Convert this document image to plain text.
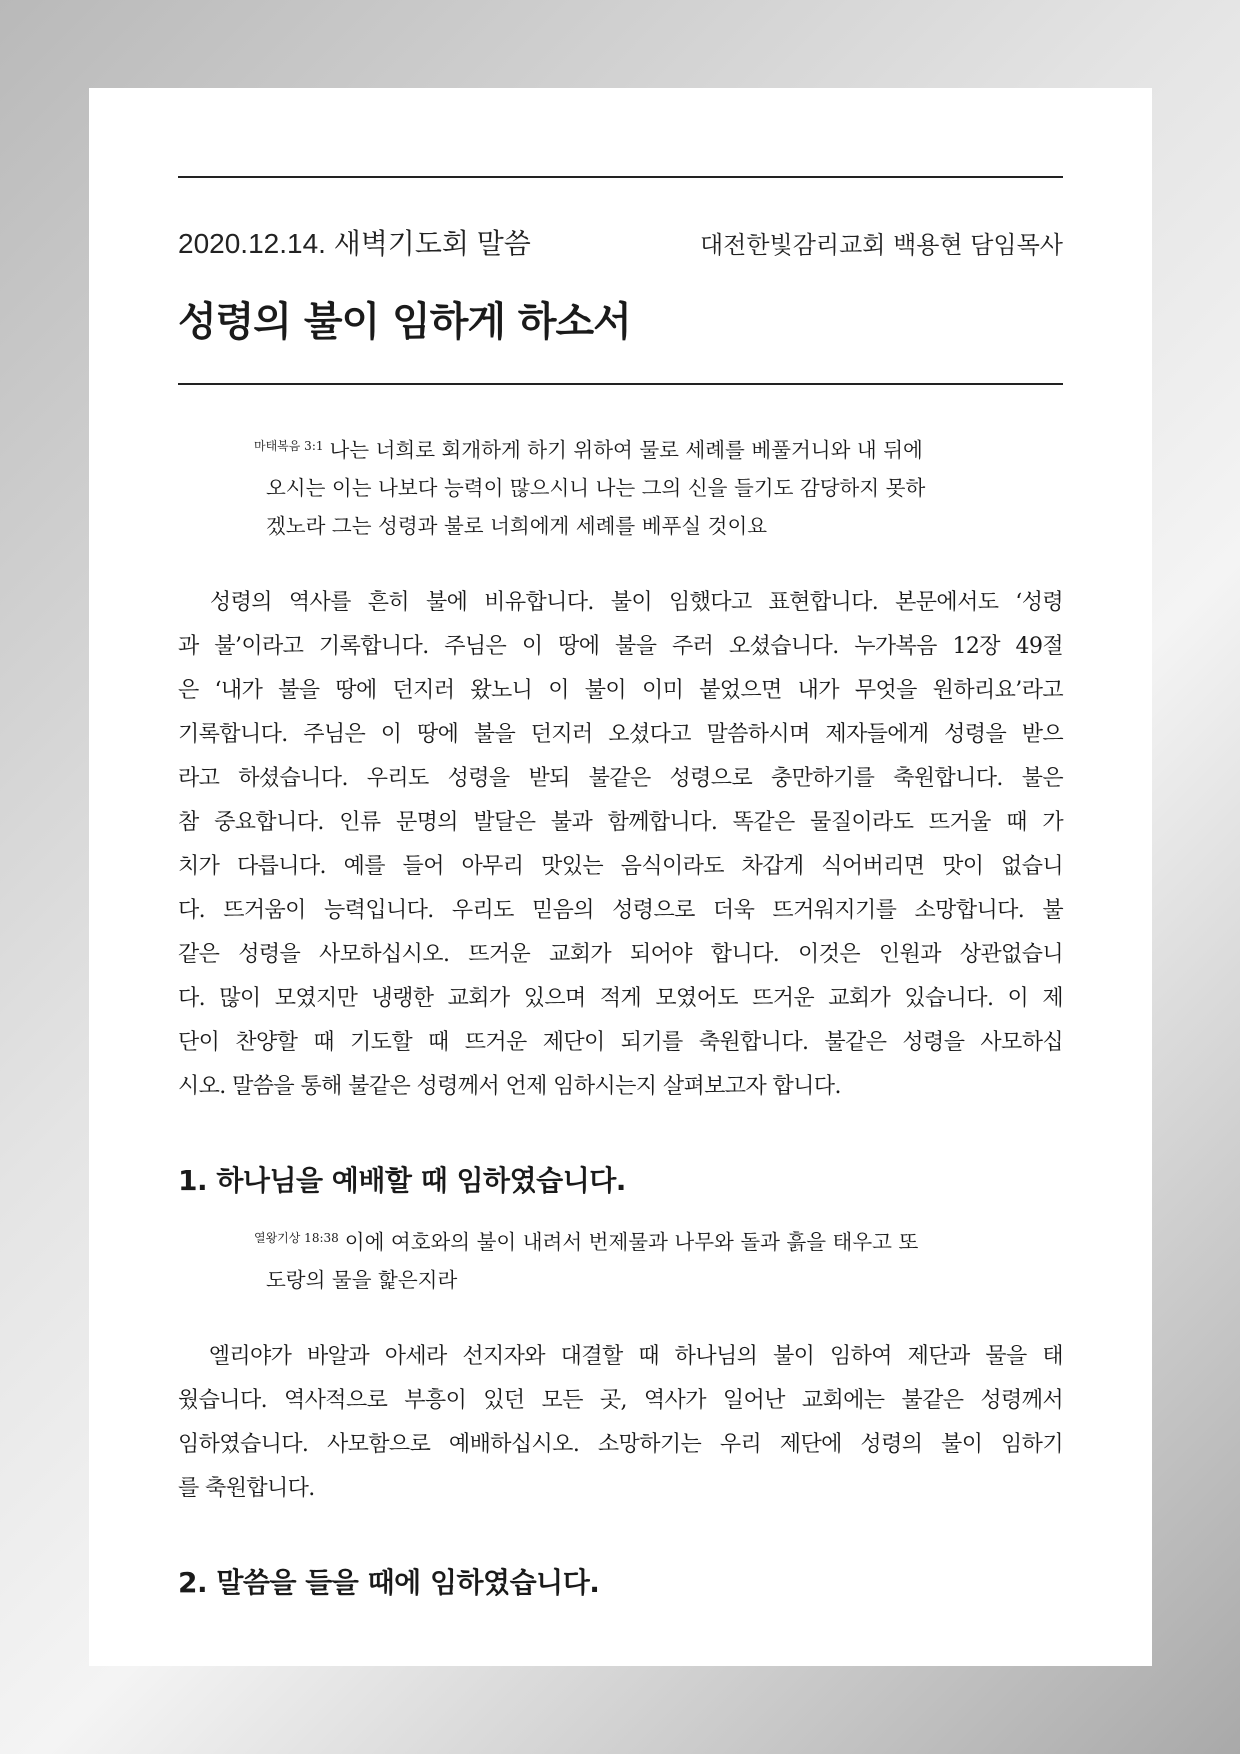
2020.12.14. 새벽기도회 말씀	대전한빛감리교회 백용현 담임목사
성령의 불이 임하게 하소서
$^{마태복음 3:1}$ 나는 너희로 회개하게 하기 위하여 물로 세례를 베풀거니와 내 뒤에
오시는 이는 나보다 능력이 많으시니 나는 그의 신을 들기도 감당하지 못하
겠노라 그는 성령과 불로 너희에게 세례를 베푸실 것이요
　성령의 역사를 흔히 불에 비유합니다. 불이 임했다고 표현합니다. 본문에서도 ‘성령
과 불’이라고 기록합니다. 주님은 이 땅에 불을 주러 오셨습니다. 누가복음 12장 49절
은 ‘내가 불을 땅에 던지러 왔노니 이 불이 이미 붙었으면 내가 무엇을 원하리요’라고
기록합니다. 주님은 이 땅에 불을 던지러 오셨다고 말씀하시며 제자들에게 성령을 받으
라고 하셨습니다. 우리도 성령을 받되 불같은 성령으로 충만하기를 축원합니다. 불은
참 중요합니다. 인류 문명의 발달은 불과 함께합니다. 똑같은 물질이라도 뜨거울 때 가
치가 다릅니다. 예를 들어 아무리 맛있는 음식이라도 차갑게 식어버리면 맛이 없습니
다. 뜨거움이 능력입니다. 우리도 믿음의 성령으로 더욱 뜨거워지기를 소망합니다. 불
같은 성령을 사모하십시오. 뜨거운 교회가 되어야 합니다. 이것은 인원과 상관없습니
다. 많이 모였지만 냉랭한 교회가 있으며 적게 모였어도 뜨거운 교회가 있습니다. 이 제
단이 찬양할 때 기도할 때 뜨거운 제단이 되기를 축원합니다. 불같은 성령을 사모하십
시오. 말씀을 통해 불같은 성령께서 언제 임하시는지 살펴보고자 합니다.
1. 하나님을 예배할 때 임하였습니다.
$^{열왕기상 18:38}$ 이에 여호와의 불이 내려서 번제물과 나무와 돌과 흙을 태우고 또
도랑의 물을 핥은지라
　엘리야가 바알과 아세라 선지자와 대결할 때 하나님의 불이 임하여 제단과 물을 태
웠습니다. 역사적으로 부흥이 있던 모든 곳, 역사가 일어난 교회에는 불같은 성령께서
임하였습니다. 사모함으로 예배하십시오. 소망하기는 우리 제단에 성령의 불이 임하기
를 축원합니다.
2. 말씀을 들을 때에 임하였습니다.
